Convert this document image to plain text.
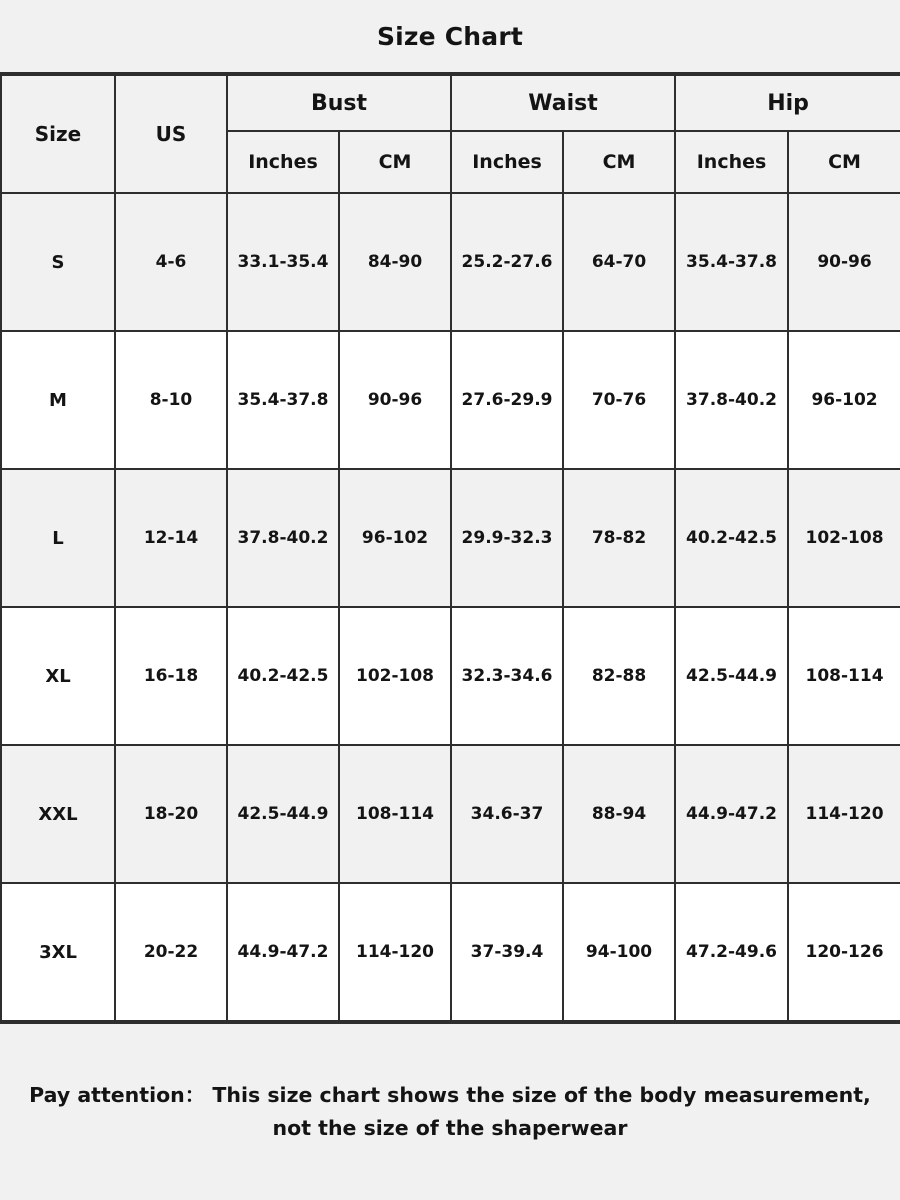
Size Chart
Size	US	Bust		Waist		Hip	
		Inches	CM	Inches	CM	Inches	CM
S	4-6	33.1-35.4	84-90	25.2-27.6	64-70	35.4-37.8	90-96
M	8-10	35.4-37.8	90-96	27.6-29.9	70-76	37.8-40.2	96-102
L	12-14	37.8-40.2	96-102	29.9-32.3	78-82	40.2-42.5	102-108
XL	16-18	40.2-42.5	102-108	32.3-34.6	82-88	42.5-44.9	108-114
XXL	18-20	42.5-44.9	108-114	34.6-37	88-94	44.9-47.2	114-120
3XL	20-22	44.9-47.2	114-120	37-39.4	94-100	47.2-49.6	120-126
Pay attention： This size chart shows the size of the body measurement,
not the size of the shaperwear
